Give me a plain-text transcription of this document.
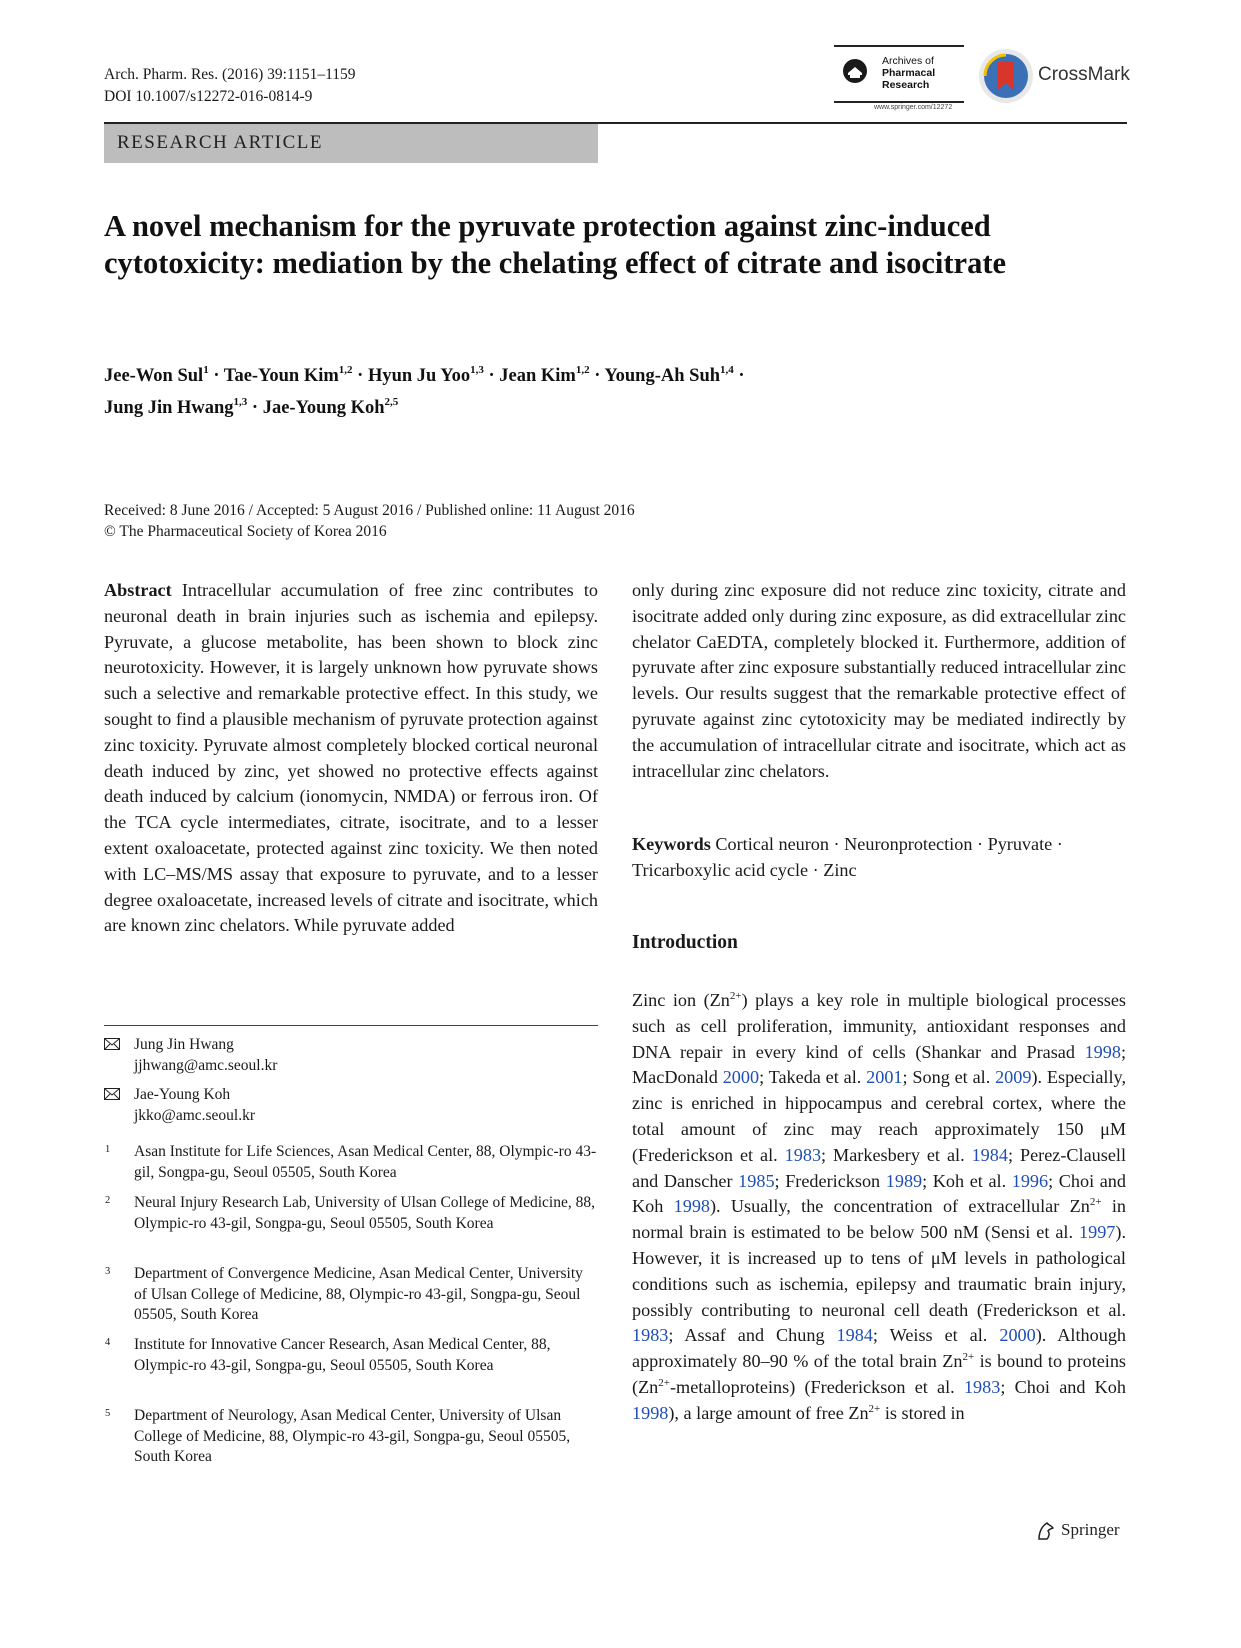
Arch. Pharm. Res. (2016) 39:1151–1159
DOI 10.1007/s12272-016-0814-9
Archives of
Pharmacal
Research
www.springer.com/12272
CrossMark
RESEARCH ARTICLE
A novel mechanism for the pyruvate protection against zinc-induced cytotoxicity: mediation by the chelating effect of citrate and isocitrate
Jee-Won Sul$^1$ · Tae-Youn Kim$^{1,2}$ · Hyun Ju Yoo$^{1,3}$ · Jean Kim$^{1,2}$ · Young-Ah Suh$^{1,4}$ ·
Jung Jin Hwang$^{1,3}$ · Jae-Young Koh$^{2,5}$
Received: 8 June 2016 / Accepted: 5 August 2016 / Published online: 11 August 2016
© The Pharmaceutical Society of Korea 2016
Abstract Intracellular accumulation of free zinc contributes to neuronal death in brain injuries such as ischemia and epilepsy. Pyruvate, a glucose metabolite, has been shown to block zinc neurotoxicity. However, it is largely unknown how pyruvate shows such a selective and remarkable protective effect. In this study, we sought to find a plausible mechanism of pyruvate protection against zinc toxicity. Pyruvate almost completely blocked cortical neuronal death induced by zinc, yet showed no protective effects against death induced by calcium (ionomycin, NMDA) or ferrous iron. Of the TCA cycle intermediates, citrate, isocitrate, and to a lesser extent oxaloacetate, protected against zinc toxicity. We then noted with LC–MS/MS assay that exposure to pyruvate, and to a lesser degree oxaloacetate, increased levels of citrate and isocitrate, which are known zinc chelators. While pyruvate added
only during zinc exposure did not reduce zinc toxicity, citrate and isocitrate added only during zinc exposure, as did extracellular zinc chelator CaEDTA, completely blocked it. Furthermore, addition of pyruvate after zinc exposure substantially reduced intracellular zinc levels. Our results suggest that the remarkable protective effect of pyruvate against zinc cytotoxicity may be mediated indirectly by the accumulation of intracellular citrate and isocitrate, which act as intracellular zinc chelators.
Keywords Cortical neuron · Neuronprotection · Pyruvate · Tricarboxylic acid cycle · Zinc
Introduction
Zinc ion $(Zn^{2+})$ plays a key role in multiple biological processes such as cell proliferation, immunity, antioxidant responses and DNA repair in every kind of cells (Shankar and Prasad 1998; MacDonald 2000; Takeda et al. 2001; Song et al. 2009). Especially, zinc is enriched in hippocampus and cerebral cortex, where the total amount of zinc may reach approximately 150 μM (Frederickson et al. 1983; Markesbery et al. 1984; Perez-Clausell and Danscher 1985; Frederickson 1989; Koh et al. 1996; Choi and Koh 1998). Usually, the concentration of extracellular $Zn^{2+}$ in normal brain is estimated to be below 500 nM (Sensi et al. 1997). However, it is increased up to tens of μM levels in pathological conditions such as ischemia, epilepsy and traumatic brain injury, possibly contributing to neuronal cell death (Frederickson et al. 1983; Assaf and Chung 1984; Weiss et al. 2000). Although approximately 80–90 % of the total brain $Zn^{2+}$ is bound to proteins $(Zn^{2+}-metalloproteins)$ (Frederickson et al. 1983; Choi and Koh 1998), a large amount of free $Zn^{2+}$ is stored in
Jung Jin Hwang
jjhwang@amc.seoul.kr
Jae-Young Koh
jkko@amc.seoul.kr
1 Asan Institute for Life Sciences, Asan Medical Center, 88, Olympic-ro 43-gil, Songpa-gu, Seoul 05505, South Korea
2 Neural Injury Research Lab, University of Ulsan College of Medicine, 88, Olympic-ro 43-gil, Songpa-gu, Seoul 05505, South Korea
3 Department of Convergence Medicine, Asan Medical Center, University of Ulsan College of Medicine, 88, Olympic-ro 43-gil, Songpa-gu, Seoul 05505, South Korea
4 Institute for Innovative Cancer Research, Asan Medical Center, 88, Olympic-ro 43-gil, Songpa-gu, Seoul 05505, South Korea
5 Department of Neurology, Asan Medical Center, University of Ulsan College of Medicine, 88, Olympic-ro 43-gil, Songpa-gu, Seoul 05505, South Korea
Springer
